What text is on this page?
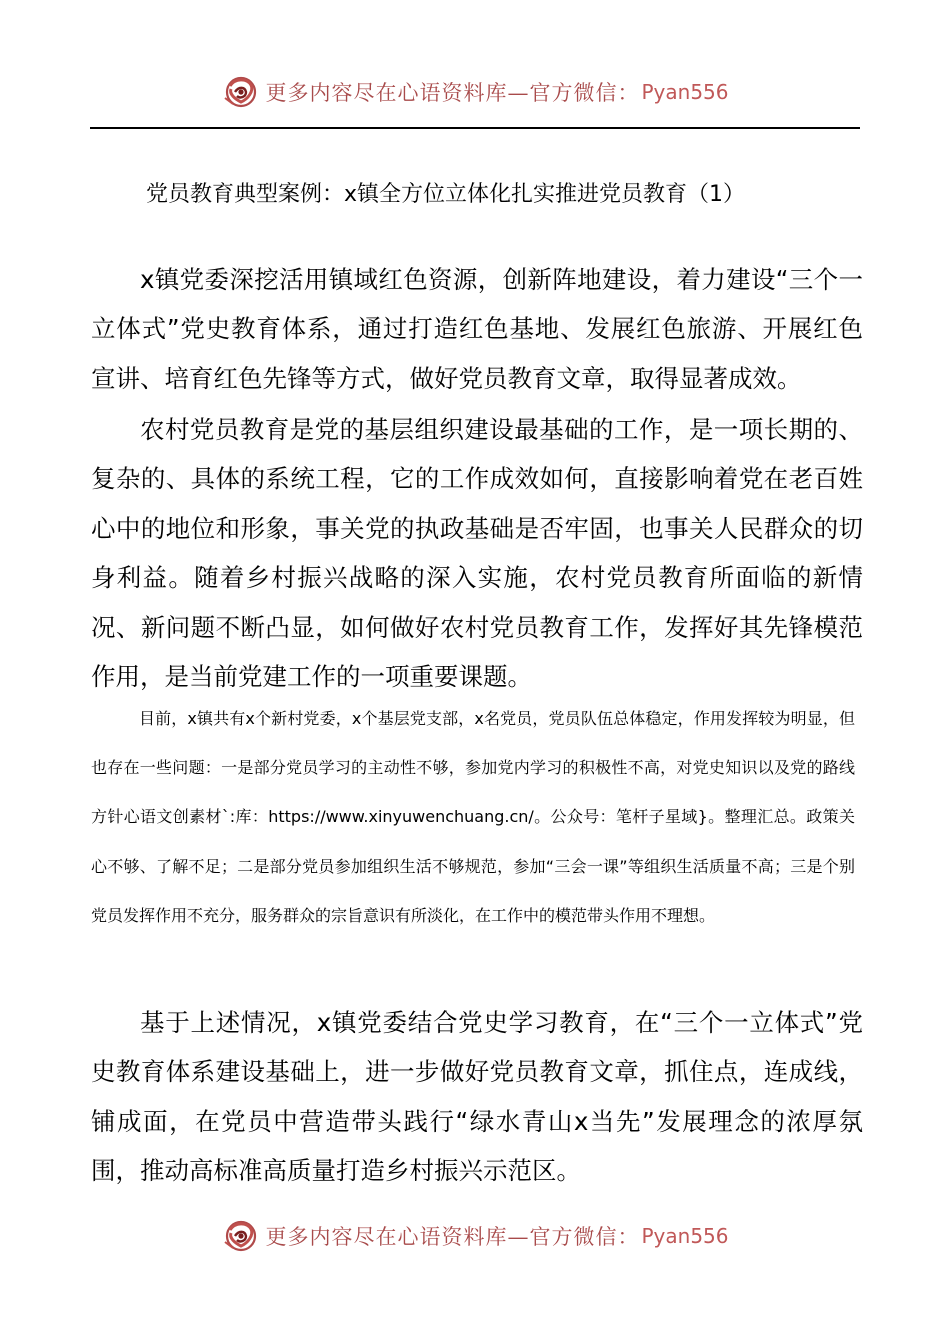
更多内容尽在心语资料库—官方微信： Pyan556
党员教育典型案例：x镇全方位立体化扎实推进党员教育（1）

x镇党委深挖活用镇域红色资源，创新阵地建设，着力建设“三个一立体式”党史教育体系，通过打造红色基地、发展红色旅游、开展红色宣讲、培育红色先锋等方式，做好党员教育文章，取得显著成效。

农村党员教育是党的基层组织建设最基础的工作，是一项长期的、复杂的、具体的系统工程，它的工作成效如何，直接影响着党在老百姓心中的地位和形象，事关党的执政基础是否牢固，也事关人民群众的切身利益。随着乡村振兴战略的深入实施，农村党员教育所面临的新情况、新问题不断凸显，如何做好农村党员教育工作，发挥好其先锋模范作用，是当前党建工作的一项重要课题。

目前，x镇共有x个新村党委，x个基层党支部，x名党员，党员队伍总体稳定，作用发挥较为明显，但也存在一些问题：一是部分党员学习的主动性不够，参加党内学习的积极性不高，对党史知识以及党的路线方针心语文创素材`:库：https://www.xinyuwenchuang.cn/。公众号：笔杆子星域}。整理汇总。政策关心不够、了解不足；二是部分党员参加组织生活不够规范，参加“三会一课”等组织生活质量不高；三是个别党员发挥作用不充分，服务群众的宗旨意识有所淡化，在工作中的模范带头作用不理想。

基于上述情况，x镇党委结合党史学习教育，在“三个一立体式”党史教育体系建设基础上，进一步做好党员教育文章，抓住点，连成线，铺成面，在党员中营造带头践行“绿水青山x当先”发展理念的浓厚氛围，推动高标准高质量打造乡村振兴示范区。

更多内容尽在心语资料库—官方微信： Pyan556
